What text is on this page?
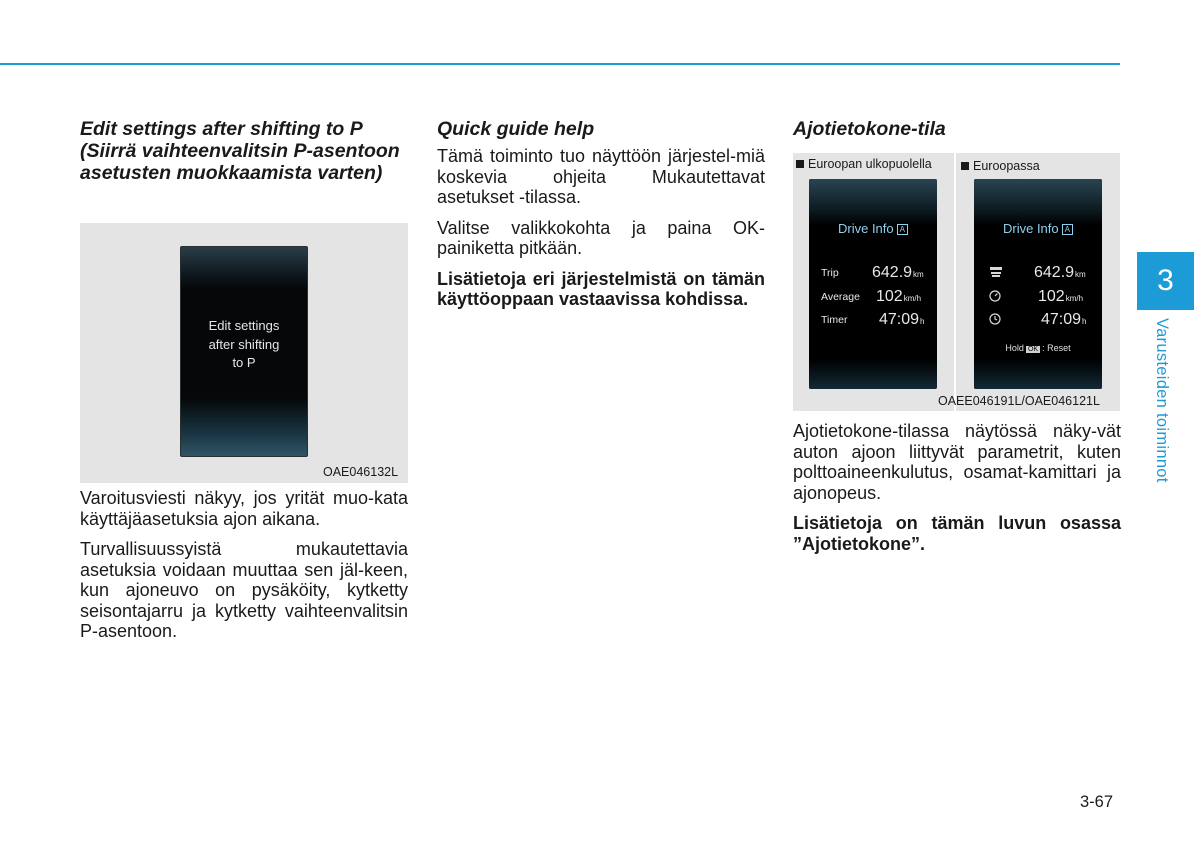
Edit settings after shifting to P (Siirrä vaihteenvalitsin P-asentoon asetusten muokkaamista varten)
Edit settings
after shifting
to P
OAE046132L

Varoitusviesti näkyy, jos yrität muo-kata käyttäjäasetuksia ajon aikana.

Turvallisuussyistä mukautettavia asetuksia voidaan muuttaa sen jäl-keen, kun ajoneuvo on pysäköity, kytketty seisontajarru ja kytketty vaihteenvalitsin P-asentoon.

Quick guide help

Tämä toiminto tuo näyttöön järjestel-miä koskevia ohjeita Mukautettavat asetukset -tilassa.

Valitse valikkokohta ja paina OK-painiketta pitkään.

Lisätietoja eri järjestelmistä on tämän käyttöoppaan vastaavissa kohdissa.

Ajotietokone-tila
Euroopan ulkopuolella	Euroopassa
Drive Info A
Trip 642.9km
Average 102km/h
Timer 47:09h
Drive Info A
642.9km
102km/h
47:09h
Hold OK : Reset
OAEE046191L/OAE046121L

Ajotietokone-tilassa näytössä näky-vät auton ajoon liittyvät parametrit, kuten polttoaineenkulutus, osamat-kamittari ja ajonopeus.

Lisätietoja on tämän luvun osassa ”Ajotietokone”.

3
Varusteiden toiminnot
3-67
